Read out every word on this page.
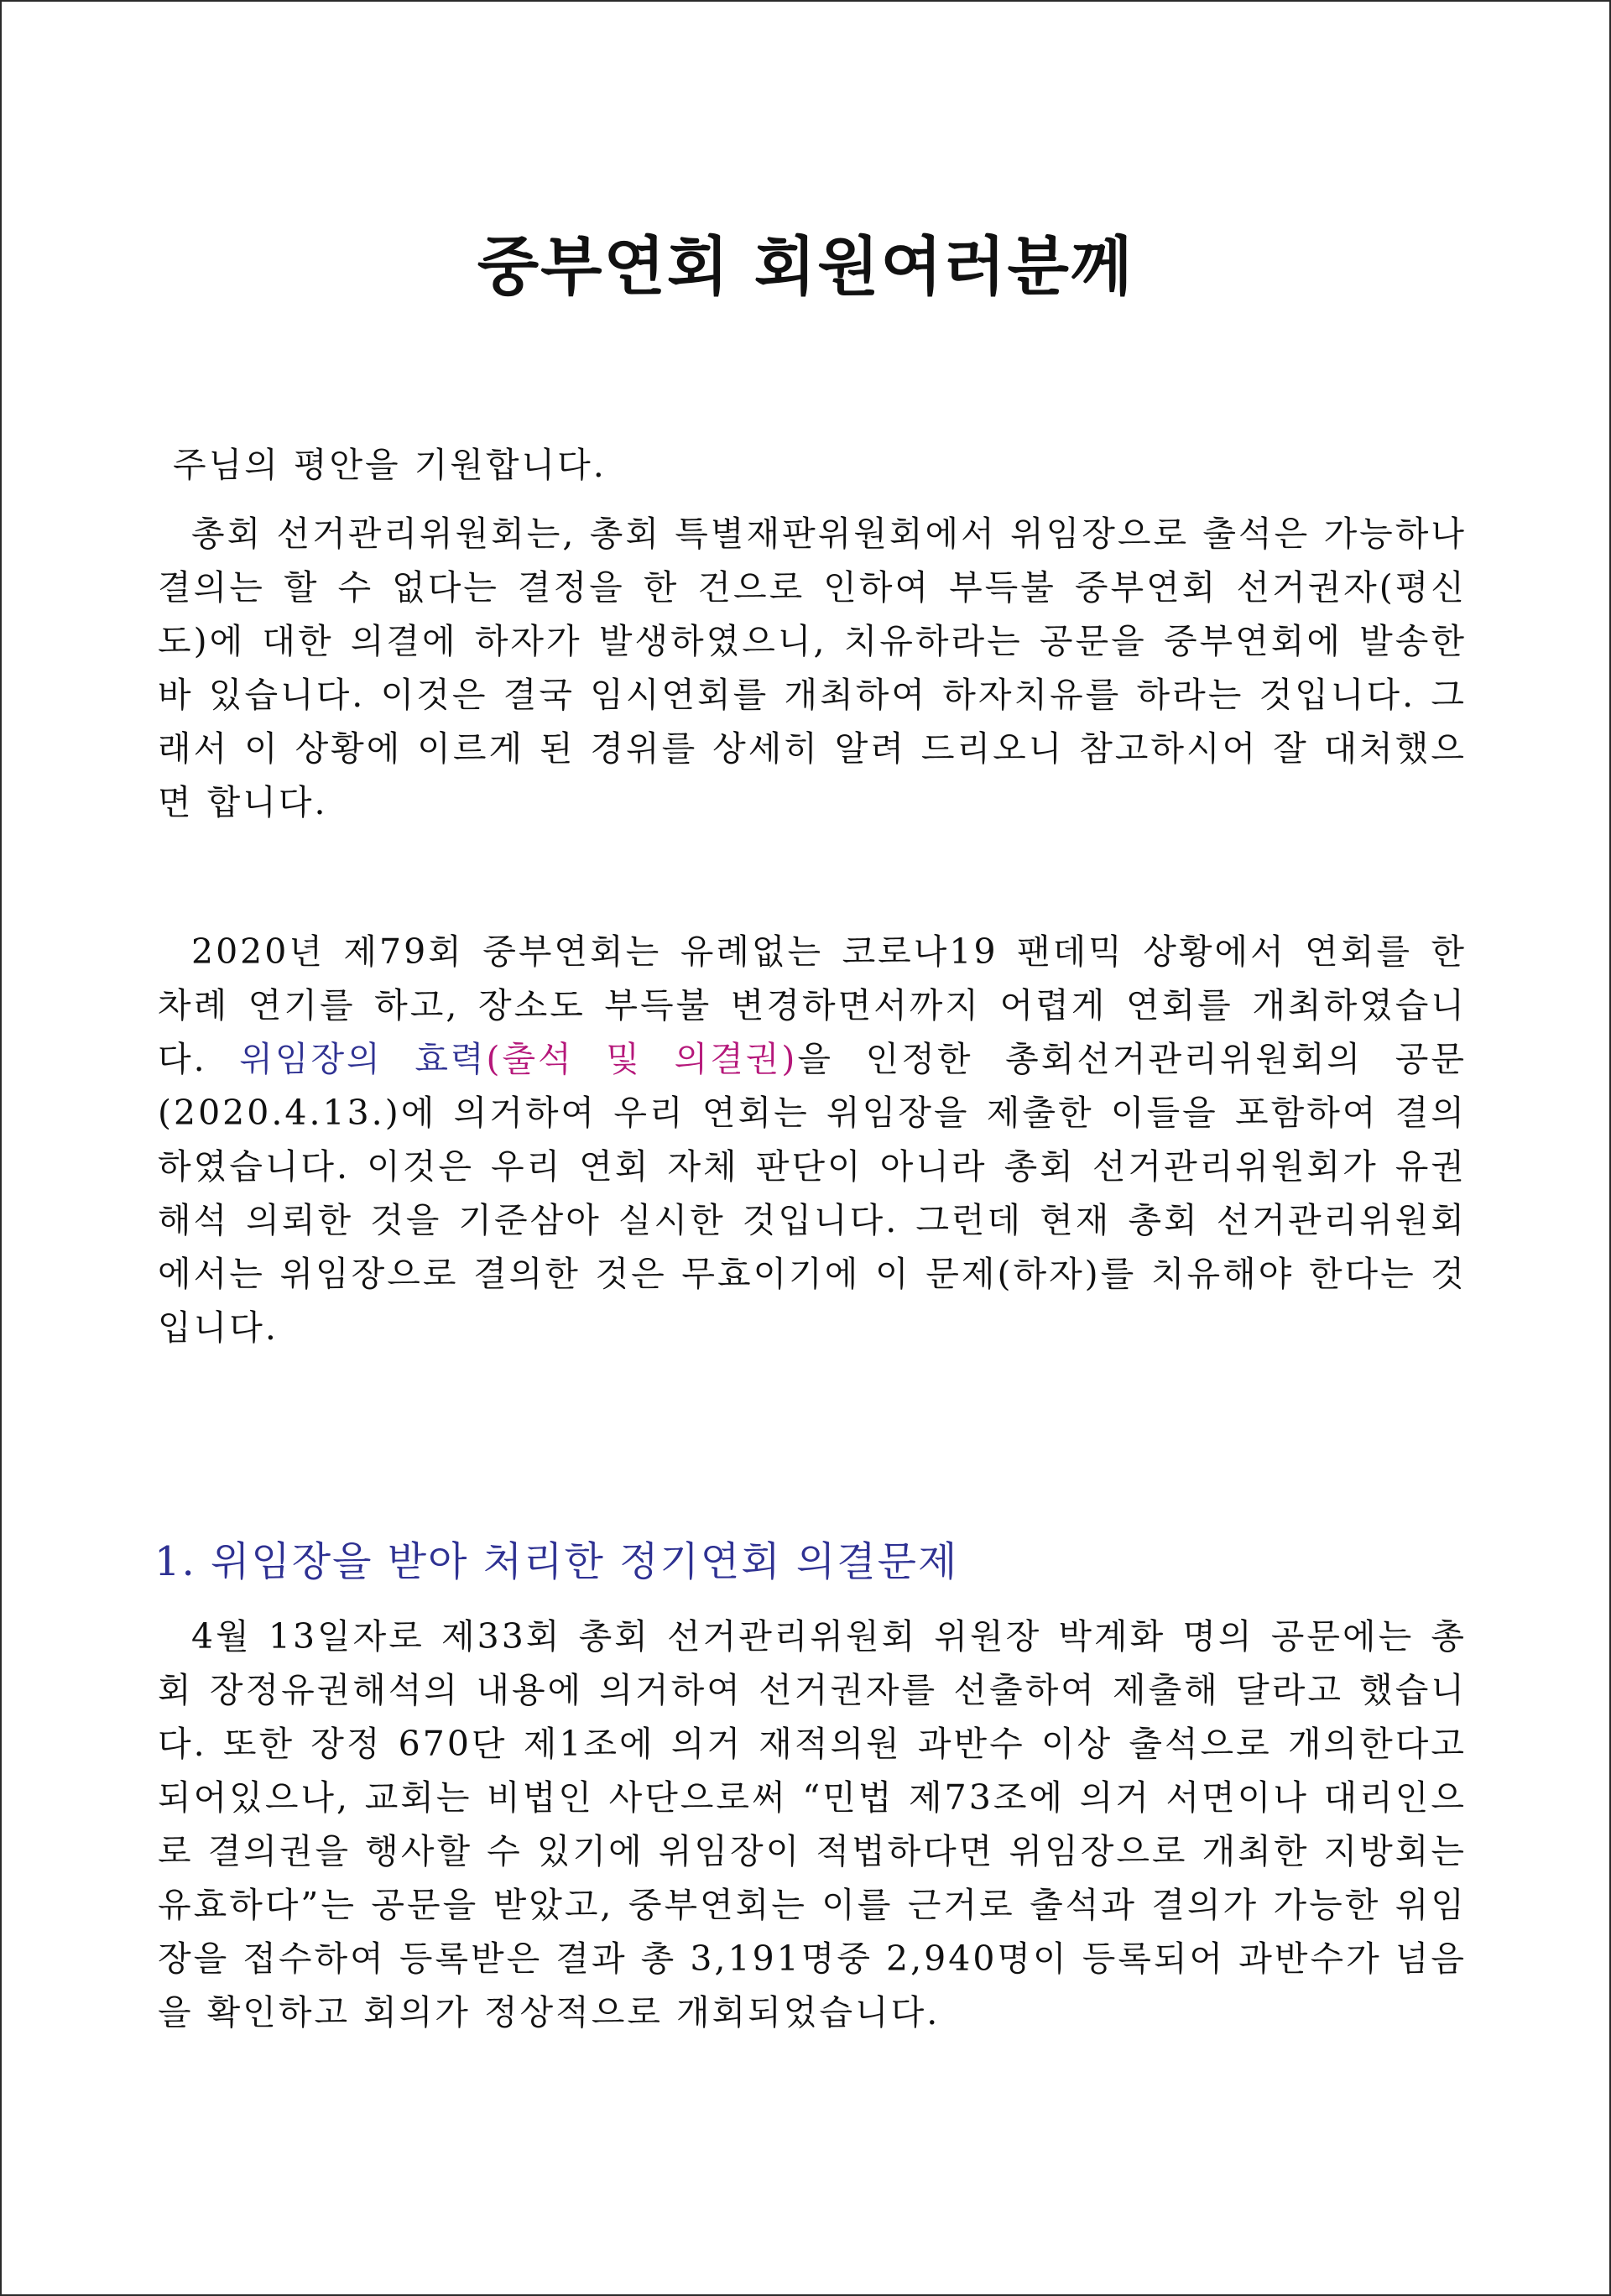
중부연회 회원여러분께

주님의 평안을 기원합니다.

총회 선거관리위원회는, 총회 특별재판위원회에서 위임장으로 출석은 가능하나 결의는 할 수 없다는 결정을 한 건으로 인하여 부득불 중부연회 선거권자(평신도)에 대한 의결에 하자가 발생하였으니, 치유하라는 공문을 중부연회에 발송한 바 있습니다. 이것은 결국 임시연회를 개최하여 하자치유를 하라는 것입니다. 그래서 이 상황에 이르게 된 경위를 상세히 알려 드리오니 참고하시어 잘 대처했으면 합니다.

2020년 제79회 중부연회는 유례없는 코로나19 팬데믹 상황에서 연회를 한 차례 연기를 하고, 장소도 부득불 변경하면서까지 어렵게 연회를 개최하였습니다. 위임장의 효력(출석 및 의결권)을 인정한 총회선거관리위원회의 공문(2020.4.13.)에 의거하여 우리 연회는 위임장을 제출한 이들을 포함하여 결의하였습니다. 이것은 우리 연회 자체 판단이 아니라 총회 선거관리위원회가 유권해석 의뢰한 것을 기준삼아 실시한 것입니다. 그런데 현재 총회 선거관리위원회에서는 위임장으로 결의한 것은 무효이기에 이 문제(하자)를 치유해야 한다는 것입니다.

1. 위임장을 받아 처리한 정기연회 의결문제

4월 13일자로 제33회 총회 선거관리위원회 위원장 박계화 명의 공문에는 총회 장정유권해석의 내용에 의거하여 선거권자를 선출하여 제출해 달라고 했습니다. 또한 장정 670단 제1조에 의거 재적의원 과반수 이상 출석으로 개의한다고 되어있으나, 교회는 비법인 사단으로써 “민법 제73조에 의거 서면이나 대리인으로 결의권을 행사할 수 있기에 위임장이 적법하다면 위임장으로 개최한 지방회는 유효하다”는 공문을 받았고, 중부연회는 이를 근거로 출석과 결의가 가능한 위임장을 접수하여 등록받은 결과 총 3,191명중 2,940명이 등록되어 과반수가 넘음을 확인하고 회의가 정상적으로 개회되었습니다.
